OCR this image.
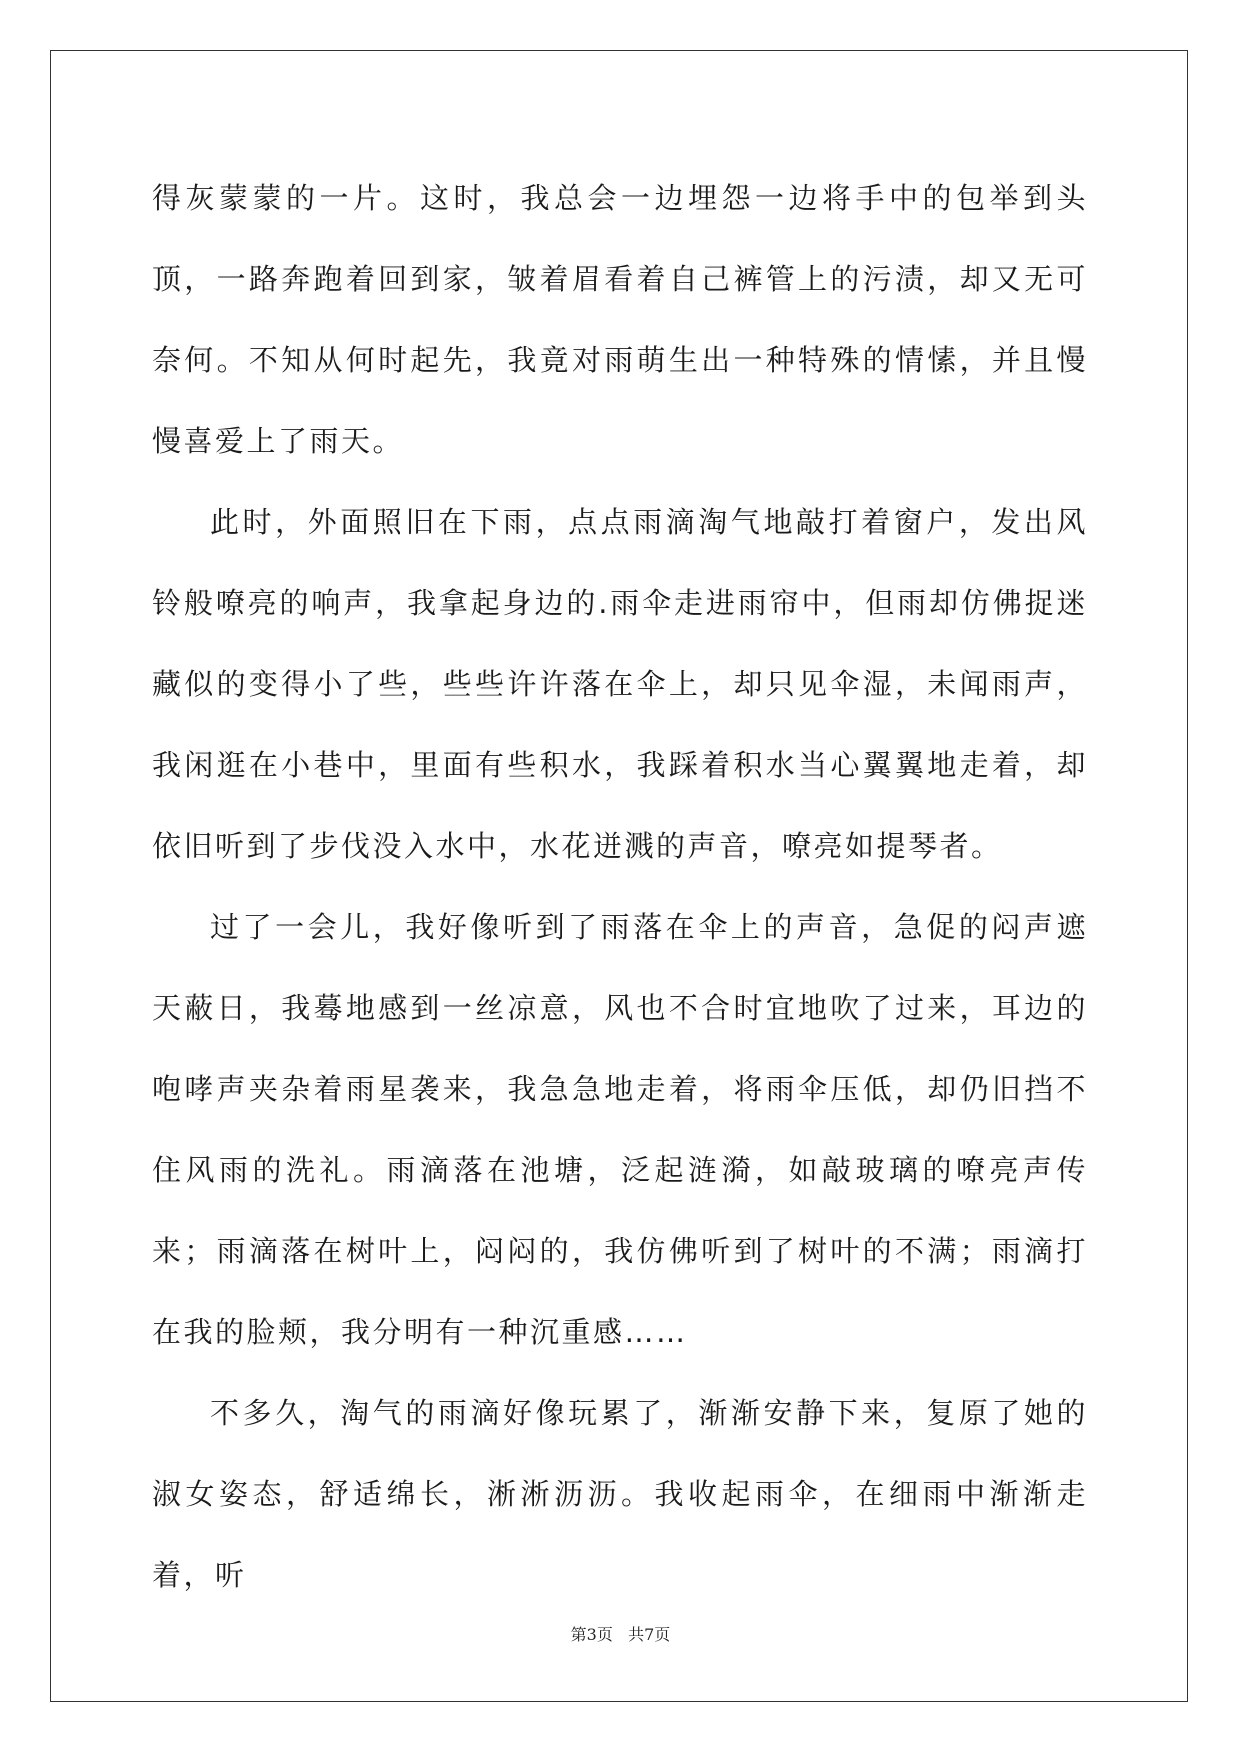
得灰蒙蒙的一片。这时，我总会一边埋怨一边将手中的包举到头顶，一路奔跑着回到家，皱着眉看着自己裤管上的污渍，却又无可奈何。不知从何时起先，我竟对雨萌生出一种特殊的情愫，并且慢慢喜爱上了雨天。

此时，外面照旧在下雨，点点雨滴淘气地敲打着窗户，发出风铃般嘹亮的响声，我拿起身边的.雨伞走进雨帘中，但雨却仿佛捉迷藏似的变得小了些，些些许许落在伞上，却只见伞湿，未闻雨声，我闲逛在小巷中，里面有些积水，我踩着积水当心翼翼地走着，却依旧听到了步伐没入水中，水花迸溅的声音，嘹亮如提琴者。

过了一会儿，我好像听到了雨落在伞上的声音，急促的闷声遮天蔽日，我蓦地感到一丝凉意，风也不合时宜地吹了过来，耳边的咆哮声夹杂着雨星袭来，我急急地走着，将雨伞压低，却仍旧挡不住风雨的洗礼。雨滴落在池塘，泛起涟漪，如敲玻璃的嘹亮声传来；雨滴落在树叶上，闷闷的，我仿佛听到了树叶的不满；雨滴打在我的脸颊，我分明有一种沉重感……

不多久，淘气的雨滴好像玩累了，渐渐安静下来，复原了她的淑女姿态，舒适绵长，淅淅沥沥。我收起雨伞，在细雨中渐渐走着，听

第3页 共7页
